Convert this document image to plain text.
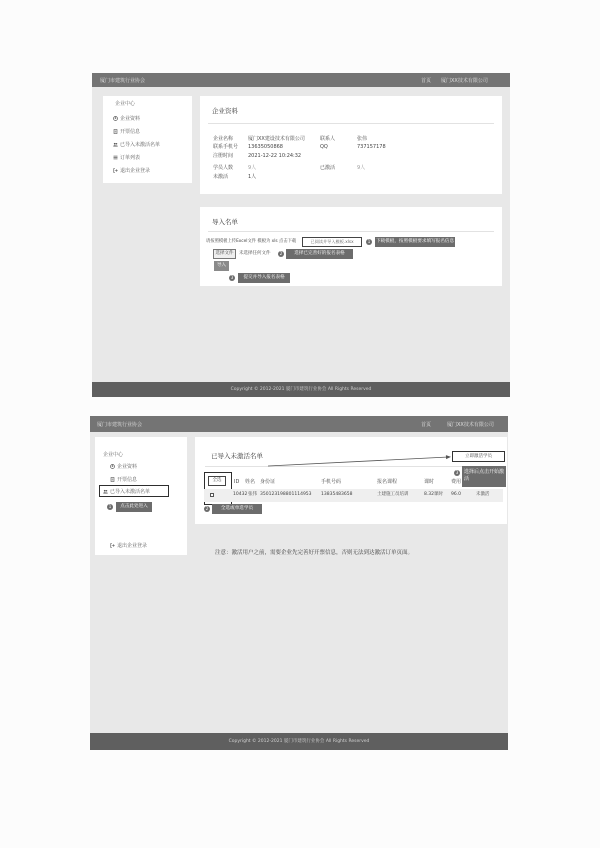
厦门市建筑行业协会	首页 厦门XX技术有限公司
企业中心
企业资料
开票信息
已导入未激活名单
订单列表
退出企业登录
企业资料
企业名称	厦门XX建设技术有限公司	联系人	张伟
联系手机号 13635050868	QQ	737157178
注册时间	2021-12-22 10:24:32
学员人数	9人	已激活	9人
未激活	1人
导入名单
请按照模板上传Excel文件 模板为 xls 点击下载	已阅读并导入模板.xlsx	1	下载模板，按照模板要求填写报名信息
选择文件	未选择任何文件	2	选择已完善好的报名表格
导入
3	提交并导入报名表格
Copyright © 2012-2021 厦门市建筑行业协会 All Rights Reserved
厦门市建筑行业协会	首页	厦门XX技术有限公司
企业中心
企业资料
开票信息
已导入未激活名单
1	点击此处进入
退出企业登录
已导入未激活名单	立即激活学员
3	选择后点击开始激活
全选	ID 姓名 身份证	手机号码	报名课程	课时	费用
10432 张伟 350123198801114953 13835483658	土建施工员培训	8.32课时 96.0	未激活
2	全选或单选学员
注意：激活用户之前，需要企业先完善好开票信息，否则无法到达激活订单页面。
Copyright © 2012-2021 厦门市建筑行业协会 All Rights Reserved
